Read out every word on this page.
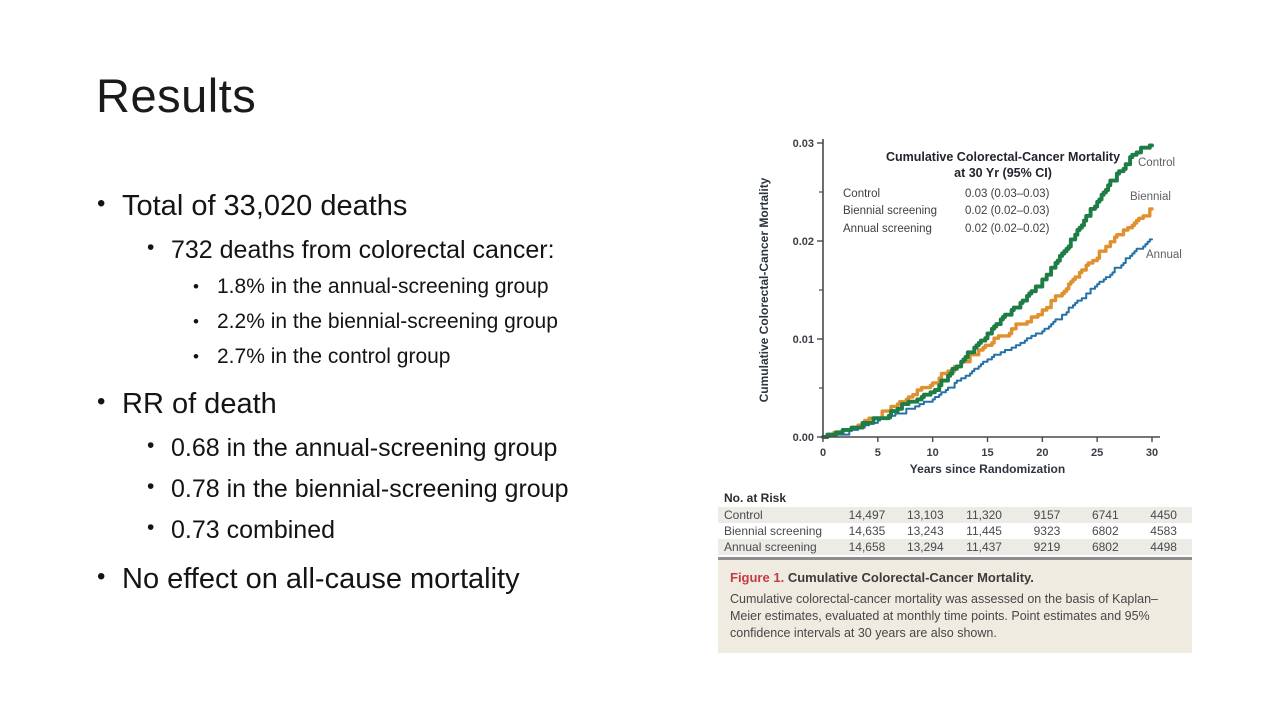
Results
• Total of 33,020 deaths
• 732 deaths from colorectal cancer:
• 1.8% in the annual-screening group
• 2.2% in the biennial-screening group
• 2.7% in the control group
• RR of death
• 0.68 in the annual-screening group
• 0.78 in the biennial-screening group
• 0.73 combined
• No effect on all-cause mortality
Cumulative Colorectal-Cancer Mortality
0	5	10	15	20	25	30
0.00
0.01
0.02
0.03
Years since Randomization
Cumulative Colorectal-Cancer Mortality
at 30 Yr (95% CI)
Control	0.03 (0.03–0.03)
Biennial screening	0.02 (0.02–0.03)
Annual screening	0.02 (0.02–0.02)
Control
Biennial
Annual
No. at Risk
Control	14,497	13,103	11,320	9157	6741	4450
Biennial screening	14,635	13,243	11,445	9323	6802	4583
Annual screening	14,658	13,294	11,437	9219	6802	4498
Figure 1. Cumulative Colorectal-Cancer Mortality.
Cumulative colorectal-cancer mortality was assessed on the basis of Kaplan–Meier estimates, evaluated at monthly time points. Point estimates and 95% confidence intervals at 30 years are also shown.
